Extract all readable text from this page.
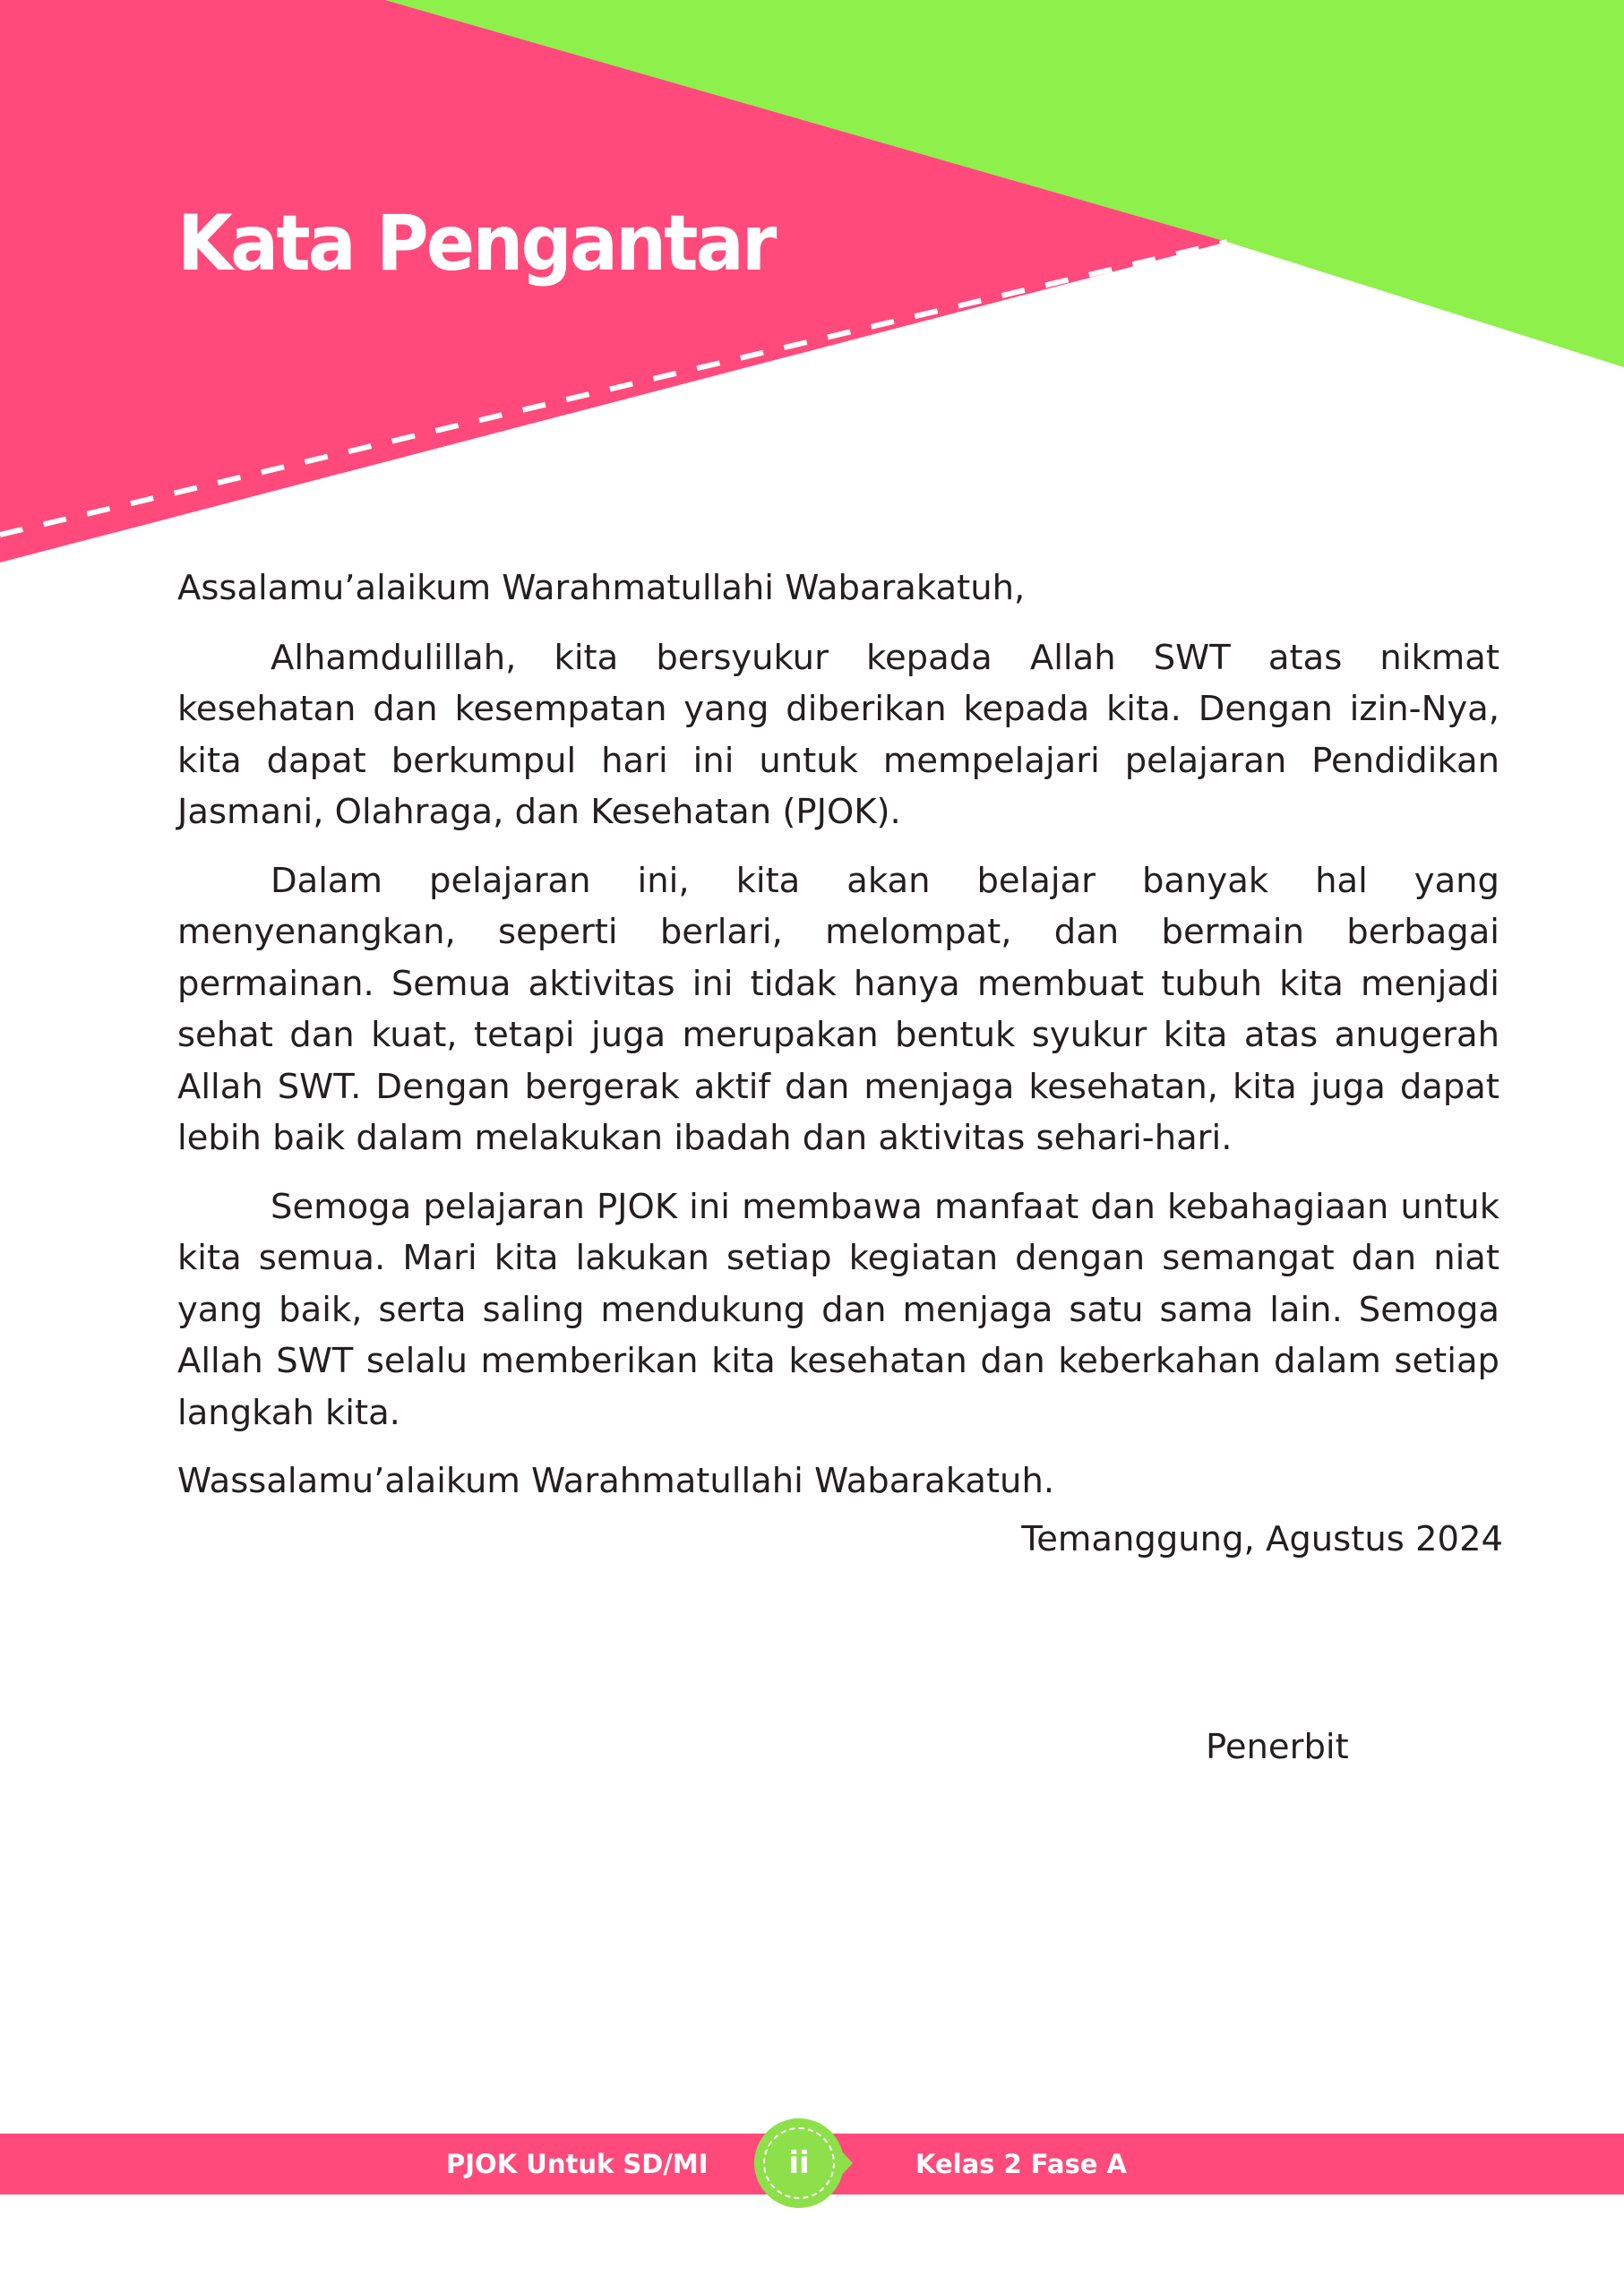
Kata Pengantar

Assalamu’alaikum Warahmatullahi Wabarakatuh,

Alhamdulillah, kita bersyukur kepada Allah SWT atas nikmat kesehatan dan kesempatan yang diberikan kepada kita. Dengan izin-Nya, kita dapat berkumpul hari ini untuk mempelajari pelajaran Pendidikan Jasmani, Olahraga, dan Kesehatan (PJOK).

Dalam pelajaran ini, kita akan belajar banyak hal yang menyenangkan, seperti berlari, melompat, dan bermain berbagai permainan. Semua aktivitas ini tidak hanya membuat tubuh kita menjadi sehat dan kuat, tetapi juga merupakan bentuk syukur kita atas anugerah Allah SWT. Dengan bergerak aktif dan menjaga kesehatan, kita juga dapat lebih baik dalam melakukan ibadah dan aktivitas sehari-hari.

Semoga pelajaran PJOK ini membawa manfaat dan kebahagiaan untuk kita semua. Mari kita lakukan setiap kegiatan dengan semangat dan niat yang baik, serta saling mendukung dan menjaga satu sama lain. Semoga Allah SWT selalu memberikan kita kesehatan dan keberkahan dalam setiap langkah kita.

Wassalamu’alaikum Warahmatullahi Wabarakatuh.

Temanggung, Agustus 2024
Penerbit
PJOK Untuk SD/MI	ii	Kelas 2 Fase A
